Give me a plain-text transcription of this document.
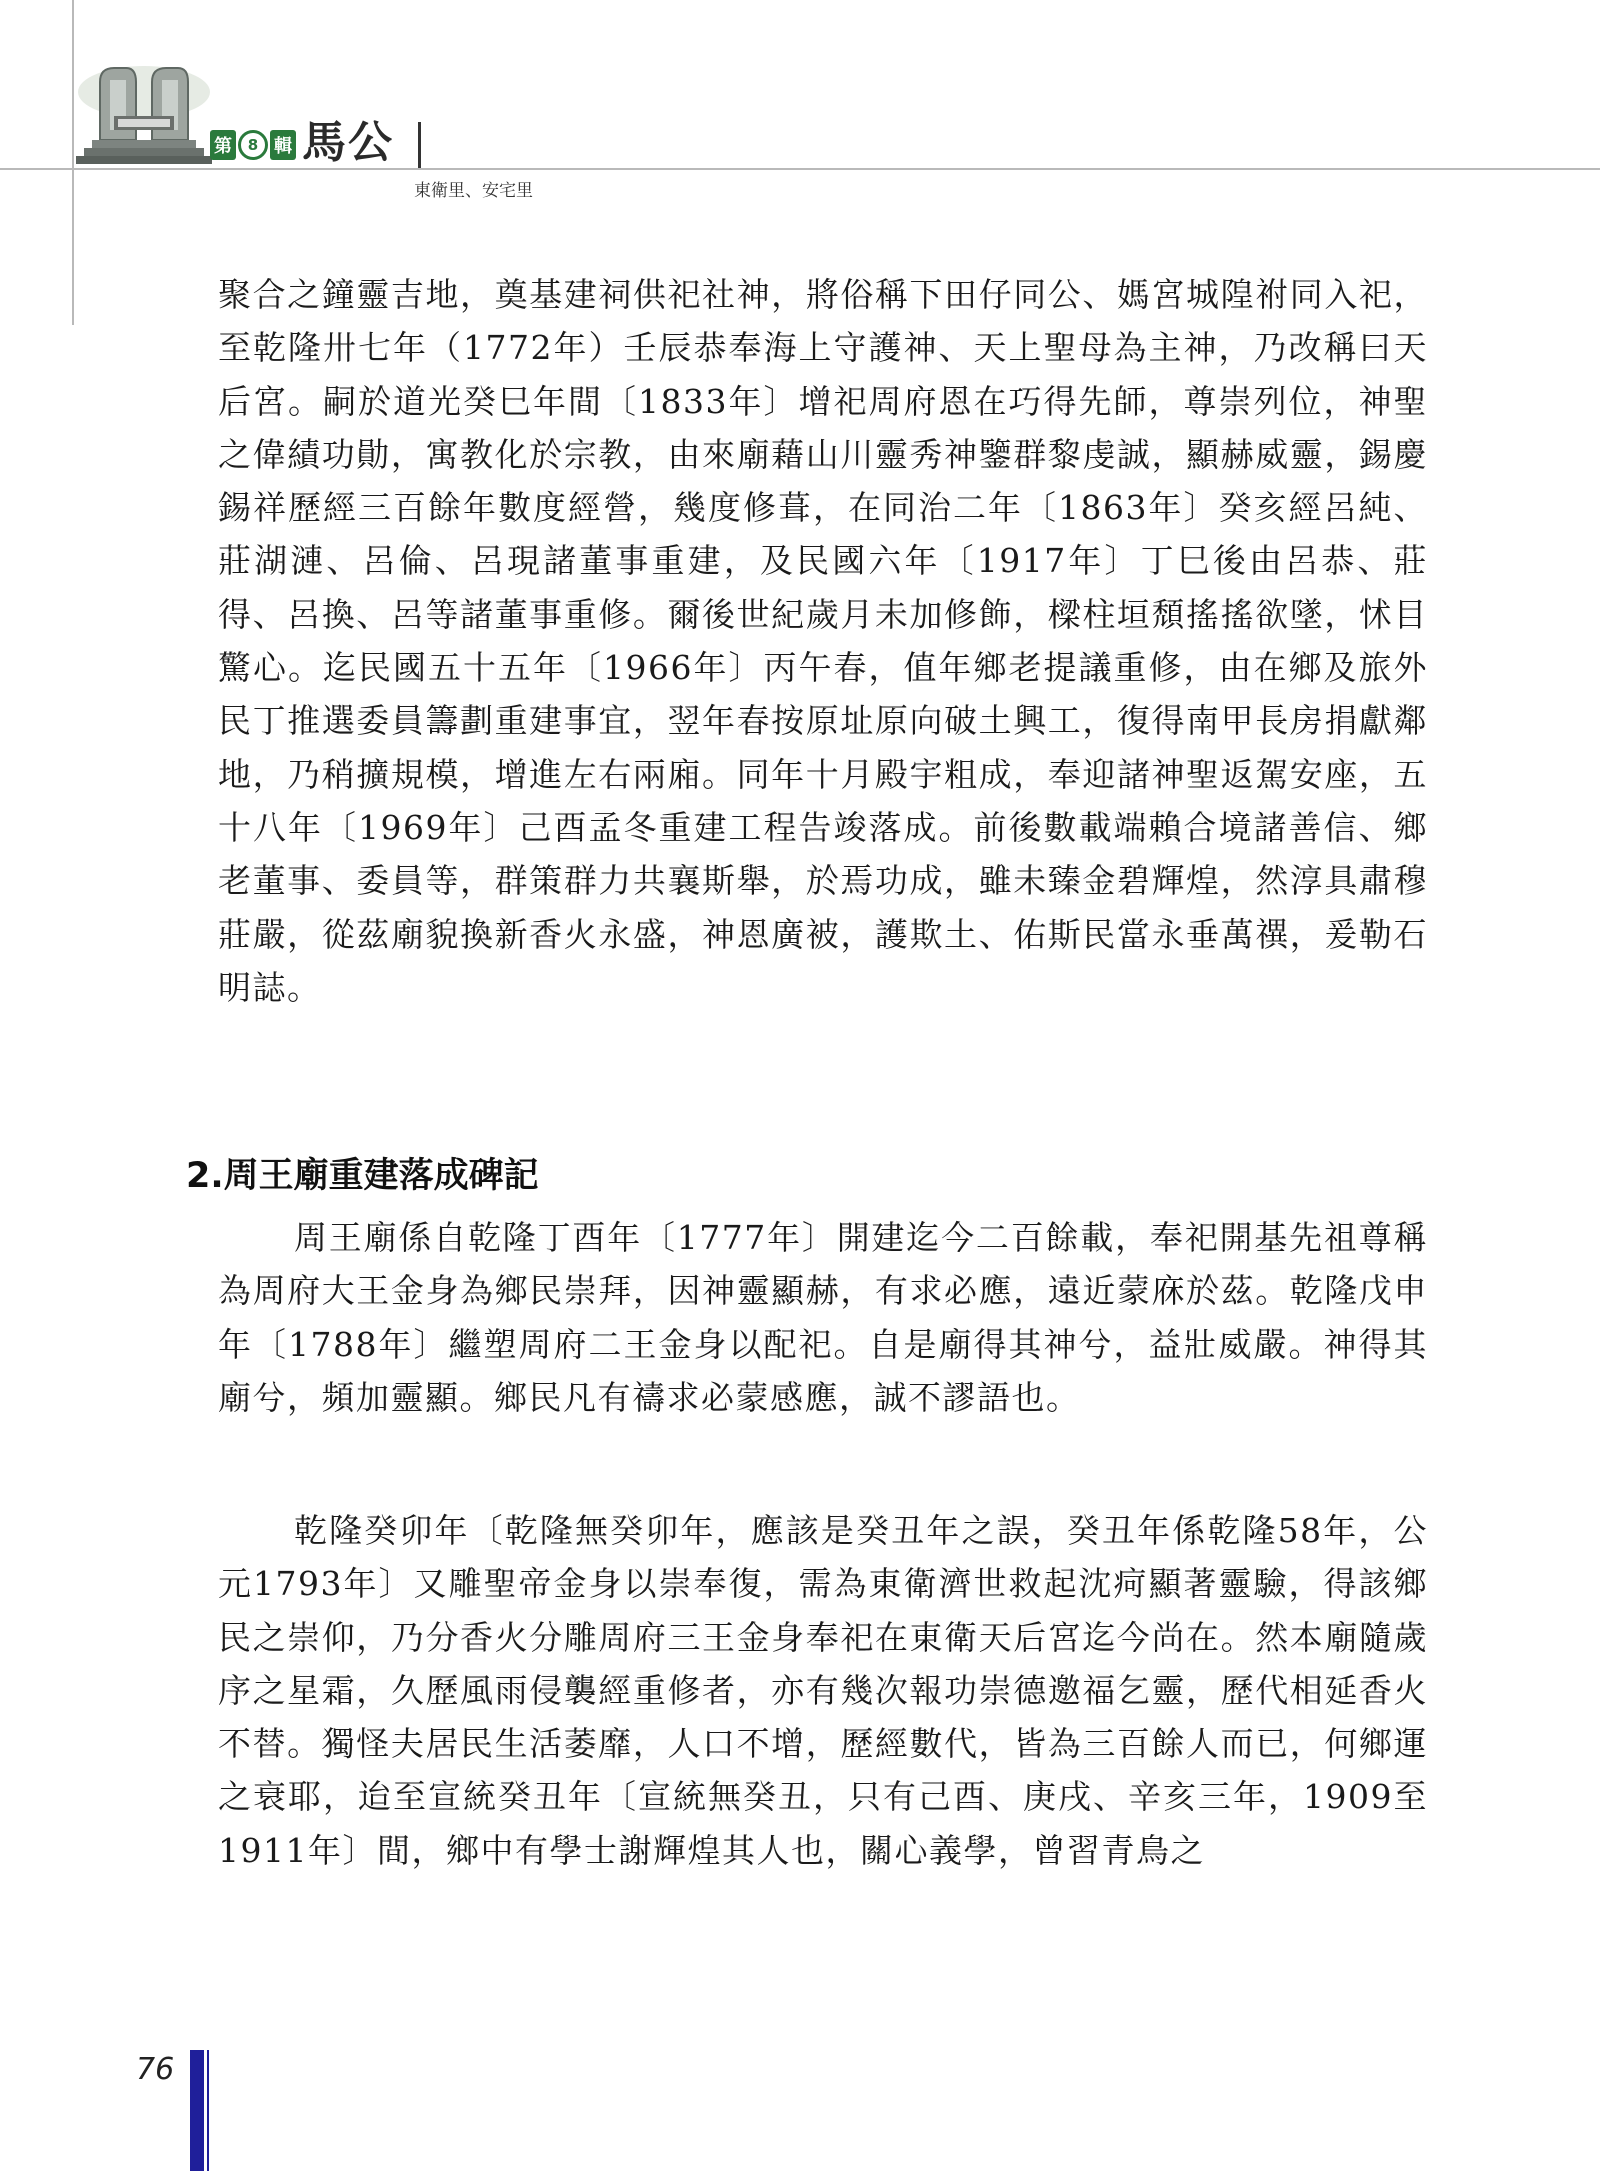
第	8 輯 馬公
東衛里、安宅里

聚合之鐘靈吉地，奠基建祠供祀社神，將俗稱下田仔同公、媽宮城隍祔同入祀，至乾隆卅七年（1772年）壬辰恭奉海上守護神、天上聖母為主神，乃改稱曰天后宮。嗣於道光癸巳年間〔1833年〕增祀周府恩在巧得先師，尊崇列位，神聖之偉績功勛，寓教化於宗教，由來廟藉山川靈秀神鑒群黎虔誠，顯赫威靈，錫慶錫祥歷經三百餘年數度經營，幾度修葺，在同治二年〔1863年〕癸亥經呂純、莊湖漣、呂倫、呂現諸董事重建，及民國六年〔1917年〕丁巳後由呂恭、莊得、呂換、呂等諸董事重修。爾後世紀歲月未加修飾，樑柱垣頹搖搖欲墜，怵目驚心。迄民國五十五年〔1966年〕丙午春，值年鄉老提議重修，由在鄉及旅外民丁推選委員籌劃重建事宜，翌年春按原址原向破土興工，復得南甲長房捐獻鄰地，乃稍擴規模，增進左右兩廂。同年十月殿宇粗成，奉迎諸神聖返駕安座，五十八年〔1969年〕己酉孟冬重建工程告竣落成。前後數載端賴合境諸善信、鄉老董事、委員等，群策群力共襄斯舉，於焉功成，雖未臻金碧輝煌，然淳具肅穆莊嚴，從茲廟貌換新香火永盛，神恩廣被，護欺土、佑斯民當永垂萬禩，爰勒石明誌。

2.周王廟重建落成碑記

周王廟係自乾隆丁酉年〔1777年〕開建迄今二百餘載，奉祀開基先祖尊稱為周府大王金身為鄉民崇拜，因神靈顯赫，有求必應，遠近蒙庥於茲。乾隆戊申年〔1788年〕繼塑周府二王金身以配祀。自是廟得其神兮，益壯威嚴。神得其廟兮，頻加靈顯。鄉民凡有禱求必蒙感應，誠不謬語也。

乾隆癸卯年〔乾隆無癸卯年，應該是癸丑年之誤，癸丑年係乾隆58年，公元1793年〕又雕聖帝金身以崇奉復，需為東衛濟世救起沈疴顯著靈驗，得該鄉民之崇仰，乃分香火分雕周府三王金身奉祀在東衛天后宮迄今尚在。然本廟隨歲序之星霜，久歷風雨侵襲經重修者，亦有幾次報功崇德邀福乞靈，歷代相延香火不替。獨怪夫居民生活萎靡，人口不增，歷經數代，皆為三百餘人而已，何鄉運之衰耶，迨至宣統癸丑年〔宣統無癸丑，只有己酉、庚戌、辛亥三年，1909至1911年〕間，鄉中有學士謝輝煌其人也，關心義學，曾習青鳥之

76
